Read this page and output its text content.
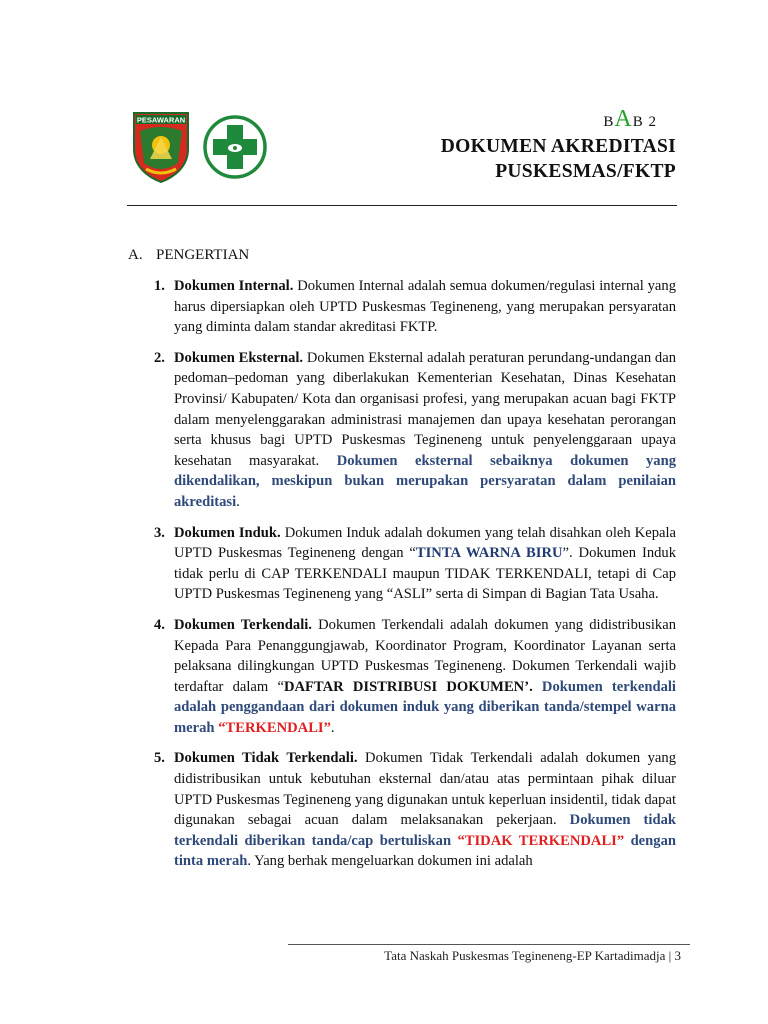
PESAWARAN	BAB 2
DOKUMEN AKREDITASI
PUSKESMAS/FKTP
A. PENGERTIAN
1. Dokumen Internal. Dokumen Internal adalah semua dokumen/regulasi internal yang harus dipersiapkan oleh UPTD Puskesmas Tegineneng, yang merupakan persyaratan yang diminta dalam standar akreditasi FKTP.
2. Dokumen Eksternal. Dokumen Eksternal adalah peraturan perundang-undangan dan pedoman–pedoman yang diberlakukan Kementerian Kesehatan, Dinas Kesehatan Provinsi/ Kabupaten/ Kota dan organisasi profesi, yang merupakan acuan bagi FKTP dalam menyelenggarakan administrasi manajemen dan upaya kesehatan perorangan serta khusus bagi UPTD Puskesmas Tegineneng untuk penyelenggaraan upaya kesehatan masyarakat. Dokumen eksternal sebaiknya dokumen yang dikendalikan, meskipun bukan merupakan persyaratan dalam penilaian akreditasi.
3. Dokumen Induk. Dokumen Induk adalah dokumen yang telah disahkan oleh Kepala UPTD Puskesmas Tegineneng dengan “TINTA WARNA BIRU”. Dokumen Induk tidak perlu di CAP TERKENDALI maupun TIDAK TERKENDALI, tetapi di Cap UPTD Puskesmas Tegineneng yang “ASLI” serta di Simpan di Bagian Tata Usaha.
4. Dokumen Terkendali. Dokumen Terkendali adalah dokumen yang didistribusikan Kepada Para Penanggungjawab, Koordinator Program, Koordinator Layanan serta pelaksana dilingkungan UPTD Puskesmas Tegineneng. Dokumen Terkendali wajib terdaftar dalam “DAFTAR DISTRIBUSI DOKUMEN’. Dokumen terkendali adalah penggandaan dari dokumen induk yang diberikan tanda/stempel warna merah “TERKENDALI”.
5. Dokumen Tidak Terkendali. Dokumen Tidak Terkendali adalah dokumen yang didistribusikan untuk kebutuhan eksternal dan/atau atas permintaan pihak diluar UPTD Puskesmas Tegineneng yang digunakan untuk keperluan insidentil, tidak dapat digunakan sebagai acuan dalam melaksanakan pekerjaan. Dokumen tidak terkendali diberikan tanda/cap bertuliskan “TIDAK TERKENDALI” dengan tinta merah. Yang berhak mengeluarkan dokumen ini adalah
Tata Naskah Puskesmas Tegineneng-EP Kartadimadja | 3
